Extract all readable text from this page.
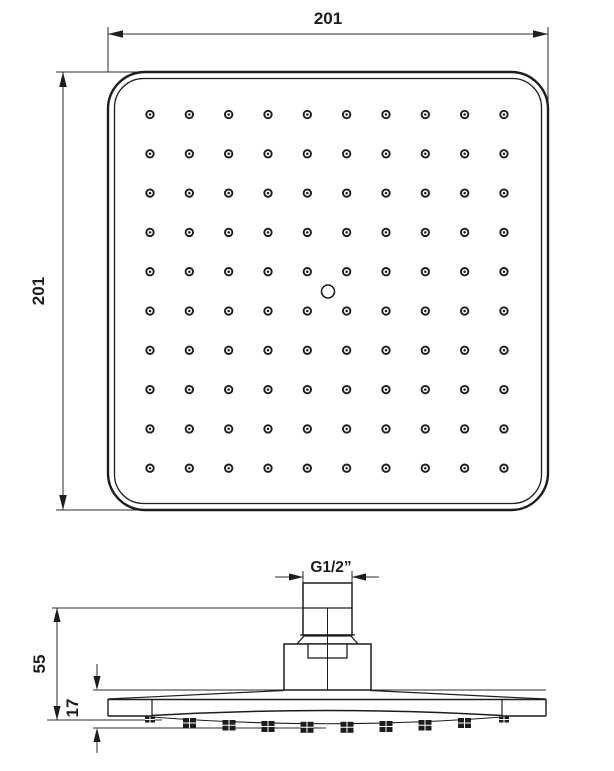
201
201
G1/2”
55
17
